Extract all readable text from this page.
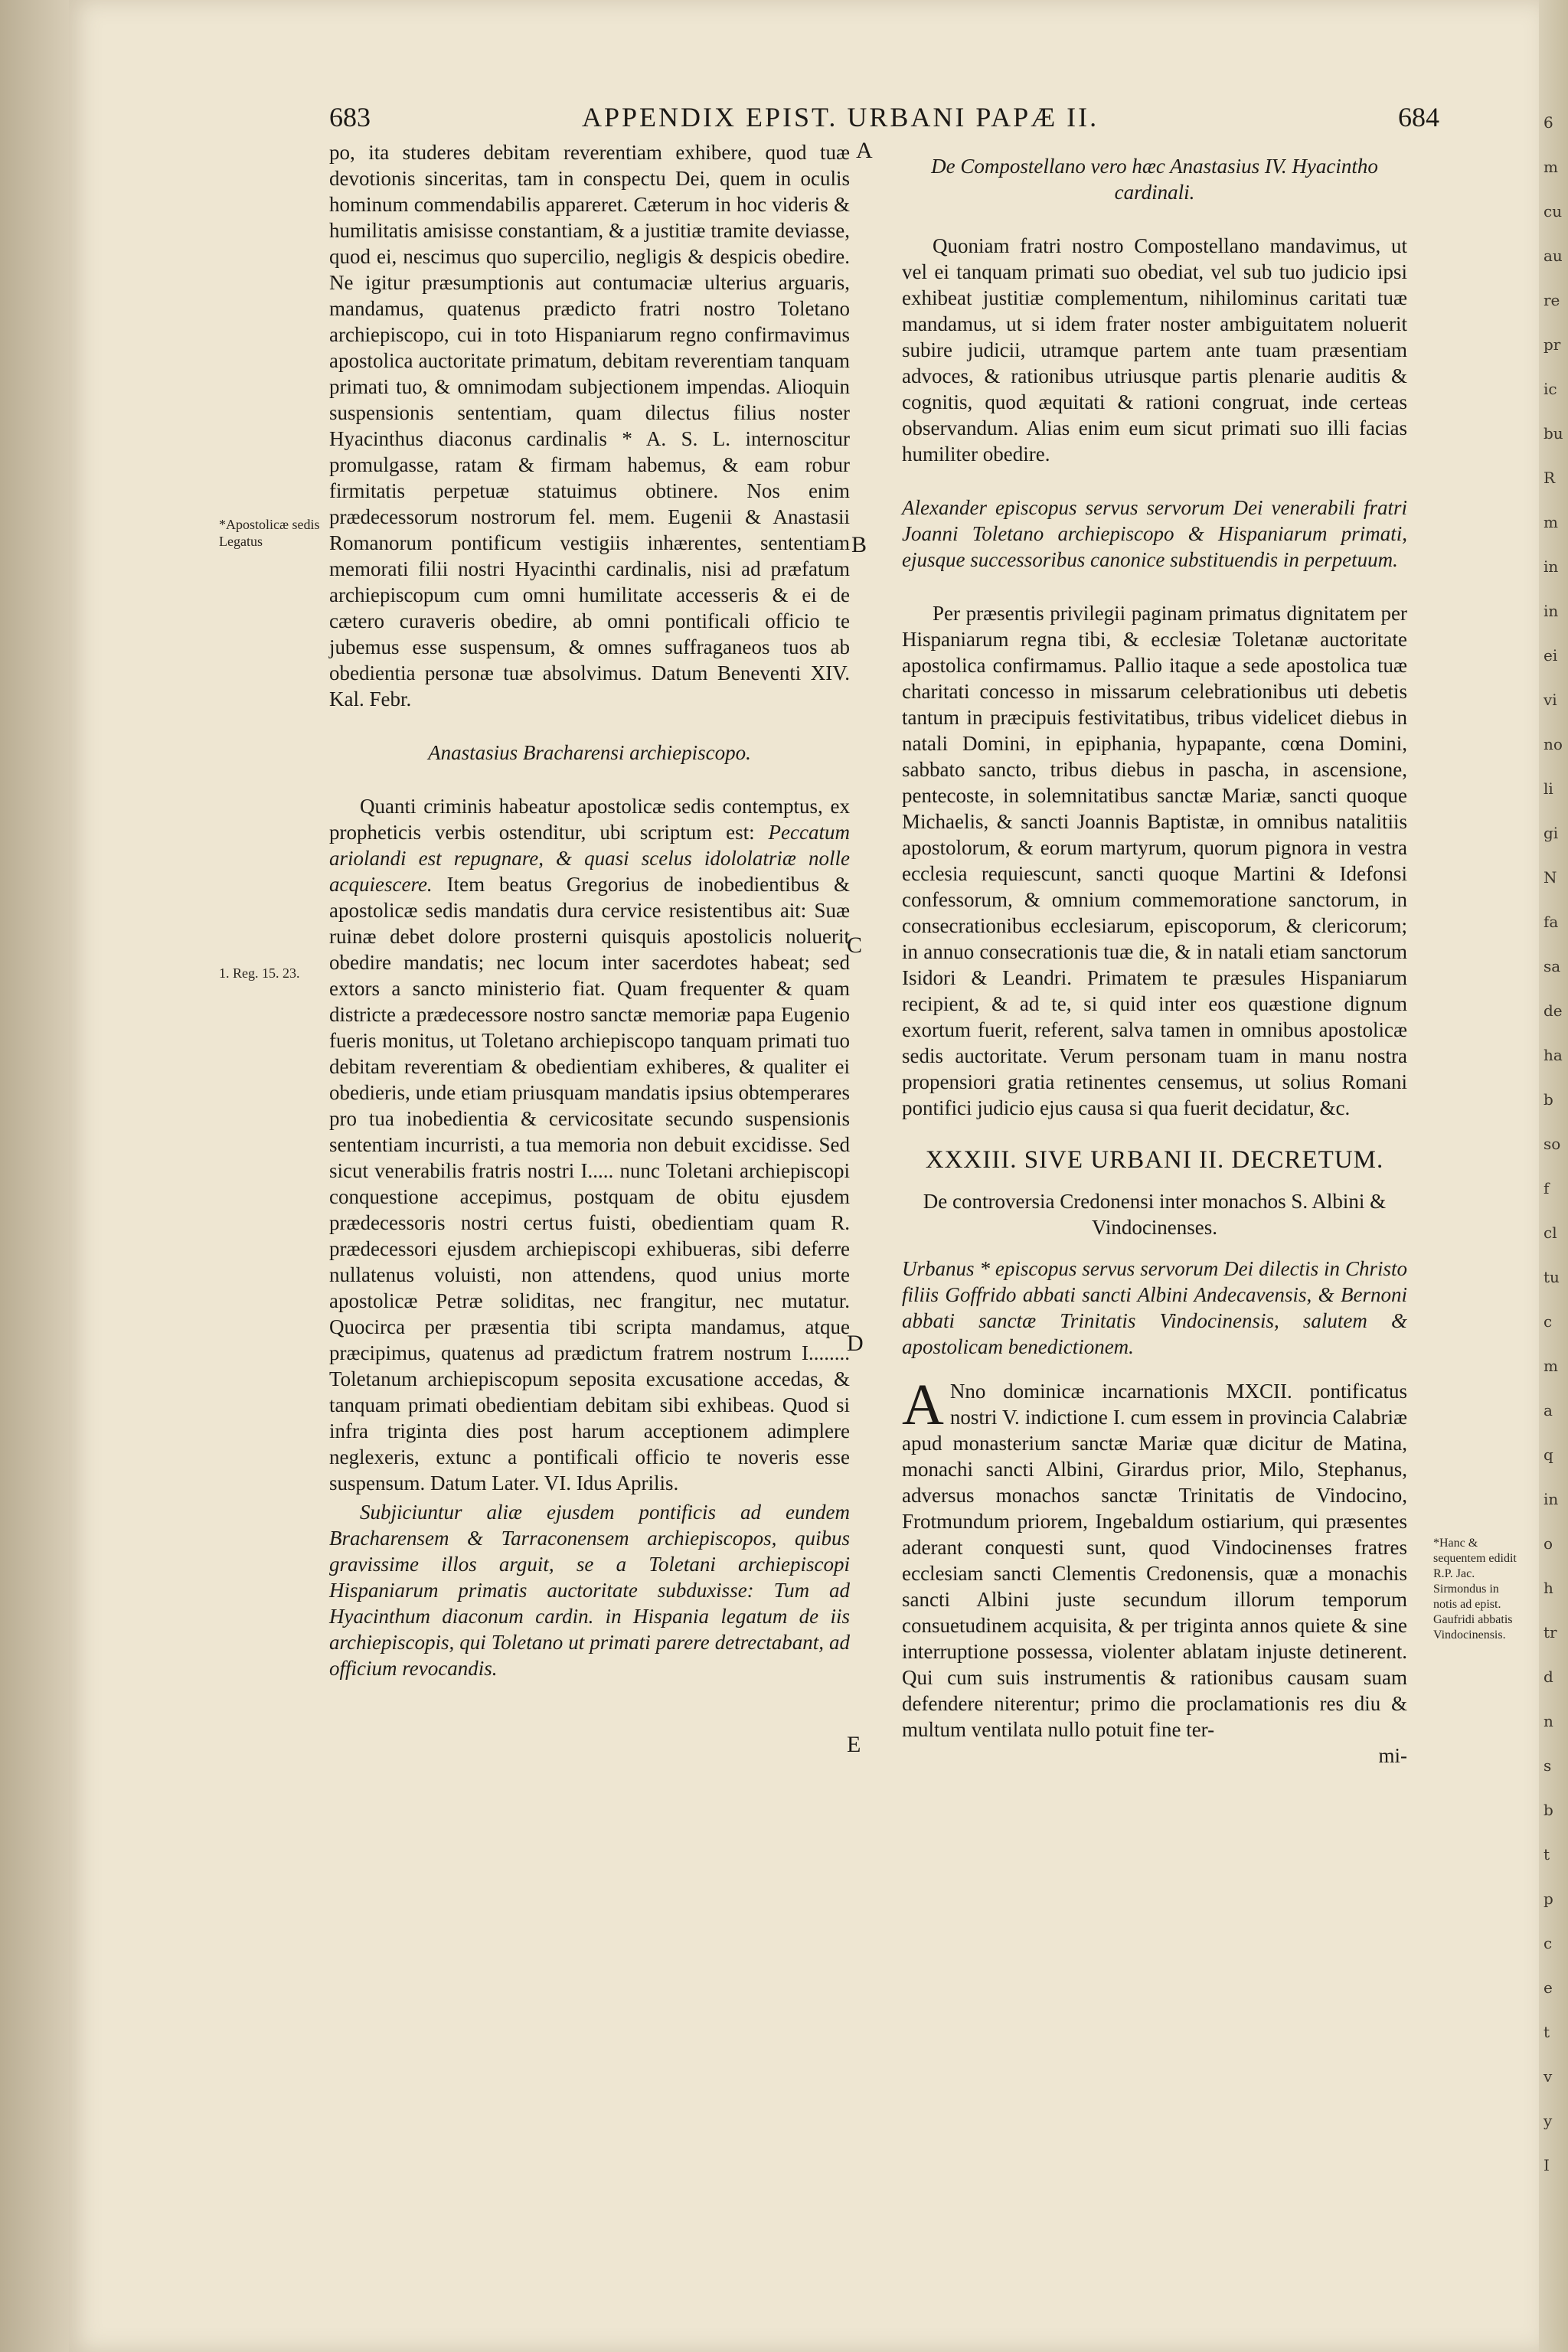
6
m
cu
au
re
pr
ic
bu
R
m
in
in
ei
vi
no
li
gi
N
fa
sa
de
ha
b
so
f
cl
tu
c
m
a
q
in
o
h
tr
d
n
s
b
t
p
c
e
t
v
y
I
683	APPENDIX EPIST. URBANI PAPÆ II.	684
A
B
C
D
E
*Apostolicæ sedis Legatus
1. Reg. 15. 23.
*Hanc & sequentem edidit R.P. Jac. Sirmondus in notis ad epist. Gaufridi abbatis Vindocinensis.

po, ita studeres debitam reverentiam exhibere, quod tuæ devotionis sinceritas, tam in conspectu Dei, quem in oculis hominum commendabilis appareret. Cæterum in hoc videris & humilitatis amisisse constantiam, & a justitiæ tramite deviasse, quod ei, nescimus quo supercilio, negligis & despicis obedire. Ne igitur præsumptionis aut contumaciæ ulterius arguaris, mandamus, quatenus prædicto fratri nostro Toletano archiepiscopo, cui in toto Hispaniarum regno confirmavimus apostolica auctoritate primatum, debitam reverentiam tanquam primati tuo, & omnimodam subjectionem impendas. Alioquin suspensionis sententiam, quam dilectus filius noster Hyacinthus diaconus cardinalis * A. S. L. internoscitur promulgasse, ratam & firmam habemus, & eam robur firmitatis perpetuæ statuimus obtinere. Nos enim prædecessorum nostrorum fel. mem. Eugenii & Anastasii Romanorum pontificum vestigiis inhærentes, sententiam memorati filii nostri Hyacinthi cardinalis, nisi ad præfatum archiepiscopum cum omni humilitate accesseris & ei de cætero curaveris obedire, ab omni pontificali officio te jubemus esse suspensum, & omnes suffraganeos tuos ab obedientia personæ tuæ absolvimus. Datum Beneventi XIV. Kal. Febr.

Anastasius Bracharensi archiepiscopo.

Quanti criminis habeatur apostolicæ sedis contemptus, ex propheticis verbis ostenditur, ubi scriptum est: Peccatum ariolandi est repugnare, & quasi scelus idololatriæ nolle acquiescere. Item beatus Gregorius de inobedientibus & apostolicæ sedis mandatis dura cervice resistentibus ait: Suæ ruinæ debet dolore prosterni quisquis apostolicis noluerit obedire mandatis; nec locum inter sacerdotes habeat; sed extors a sancto ministerio fiat. Quam frequenter & quam districte a prædecessore nostro sanctæ memoriæ papa Eugenio fueris monitus, ut Toletano archiepiscopo tanquam primati tuo debitam reverentiam & obedientiam exhiberes, & qualiter ei obedieris, unde etiam priusquam mandatis ipsius obtemperares pro tua inobedientia & cervicositate secundo suspensionis sententiam incurristi, a tua memoria non debuit excidisse. Sed sicut venerabilis fratris nostri I..... nunc Toletani archiepiscopi conquestione accepimus, postquam de obitu ejusdem prædecessoris nostri certus fuisti, obedientiam quam R. prædecessori ejusdem archiepiscopi exhibueras, sibi deferre nullatenus voluisti, non attendens, quod unius morte apostolicæ Petræ soliditas, nec frangitur, nec mutatur. Quocirca per præsentia tibi scripta mandamus, atque præcipimus, quatenus ad prædictum fratrem nostrum I........ Toletanum archiepiscopum seposita excusatione accedas, & tanquam primati obedientiam debitam sibi exhibeas. Quod si infra triginta dies post harum acceptionem adimplere neglexeris, extunc a pontificali officio te noveris esse suspensum. Datum Later. VI. Idus Aprilis.

Subjiciuntur aliæ ejusdem pontificis ad eundem Bracharensem & Tarraconensem archiepiscopos, quibus gravissime illos arguit, se a Toletani archiepiscopi Hispaniarum primatis auctoritate subduxisse: Tum ad Hyacinthum diaconum cardin. in Hispania legatum de iis archiepiscopis, qui Toletano ut primati parere detrectabant, ad officium revocandis.

De Compostellano vero hæc Anastasius IV. Hyacintho cardinali.

Quoniam fratri nostro Compostellano mandavimus, ut vel ei tanquam primati suo obediat, vel sub tuo judicio ipsi exhibeat justitiæ complementum, nihilominus caritati tuæ mandamus, ut si idem frater noster ambiguitatem noluerit subire judicii, utramque partem ante tuam præsentiam advoces, & rationibus utriusque partis plenarie auditis & cognitis, quod æquitati & rationi congruat, inde certeas observandum. Alias enim eum sicut primati suo illi facias humiliter obedire.

Alexander episcopus servus servorum Dei venerabili fratri Joanni Toletano archiepiscopo & Hispaniarum primati, ejusque successoribus canonice substituendis in perpetuum.

Per præsentis privilegii paginam primatus dignitatem per Hispaniarum regna tibi, & ecclesiæ Toletanæ auctoritate apostolica confirmamus. Pallio itaque a sede apostolica tuæ charitati concesso in missarum celebrationibus uti debetis tantum in præcipuis festivitatibus, tribus videlicet diebus in natali Domini, in epiphania, hypapante, cœna Domini, sabbato sancto, tribus diebus in pascha, in ascensione, pentecoste, in solemnitatibus sanctæ Mariæ, sancti quoque Michaelis, & sancti Joannis Baptistæ, in omnibus natalitiis apostolorum, & eorum martyrum, quorum pignora in vestra ecclesia requiescunt, sancti quoque Martini & Idefonsi confessorum, & omnium commemoratione sanctorum, in consecrationibus ecclesiarum, episcoporum, & clericorum; in annuo consecrationis tuæ die, & in natali etiam sanctorum Isidori & Leandri. Primatem te præsules Hispaniarum recipient, & ad te, si quid inter eos quæstione dignum exortum fuerit, referent, salva tamen in omnibus apostolicæ sedis auctoritate. Verum personam tuam in manu nostra propensiori gratia retinentes censemus, ut solius Romani pontifici judicio ejus causa si qua fuerit decidatur, &c.

XXXIII. SIVE URBANI II. DECRETUM.

De controversia Credonensi inter monachos S. Albini & Vindocinenses.

Urbanus * episcopus servus servorum Dei dilectis in Christo filiis Goffrido abbati sancti Albini Andecavensis, & Bernoni abbati sanctæ Trinitatis Vindocinensis, salutem & apostolicam benedictionem.

A Nno dominicæ incarnationis MXCII. pontificatus nostri V. indictione I. cum essem in provincia Calabriæ apud monasterium sanctæ Mariæ quæ dicitur de Matina, monachi sancti Albini, Girardus prior, Milo, Stephanus, adversus monachos sanctæ Trinitatis de Vindocino, Frotmundum priorem, Ingebaldum ostiarium, qui præsentes aderant conquesti sunt, quod Vindocinenses fratres ecclesiam sancti Clementis Credonensis, quæ a monachis sancti Albini juste secundum illorum temporum consuetudinem acquisita, & per triginta annos quiete & sine interruptione possessa, violenter ablatam injuste detinerent. Qui cum suis instrumentis & rationibus causam suam defendere niterentur; primo die proclamationis res diu & multum ventilata nullo potuit fine ter-

mi-
